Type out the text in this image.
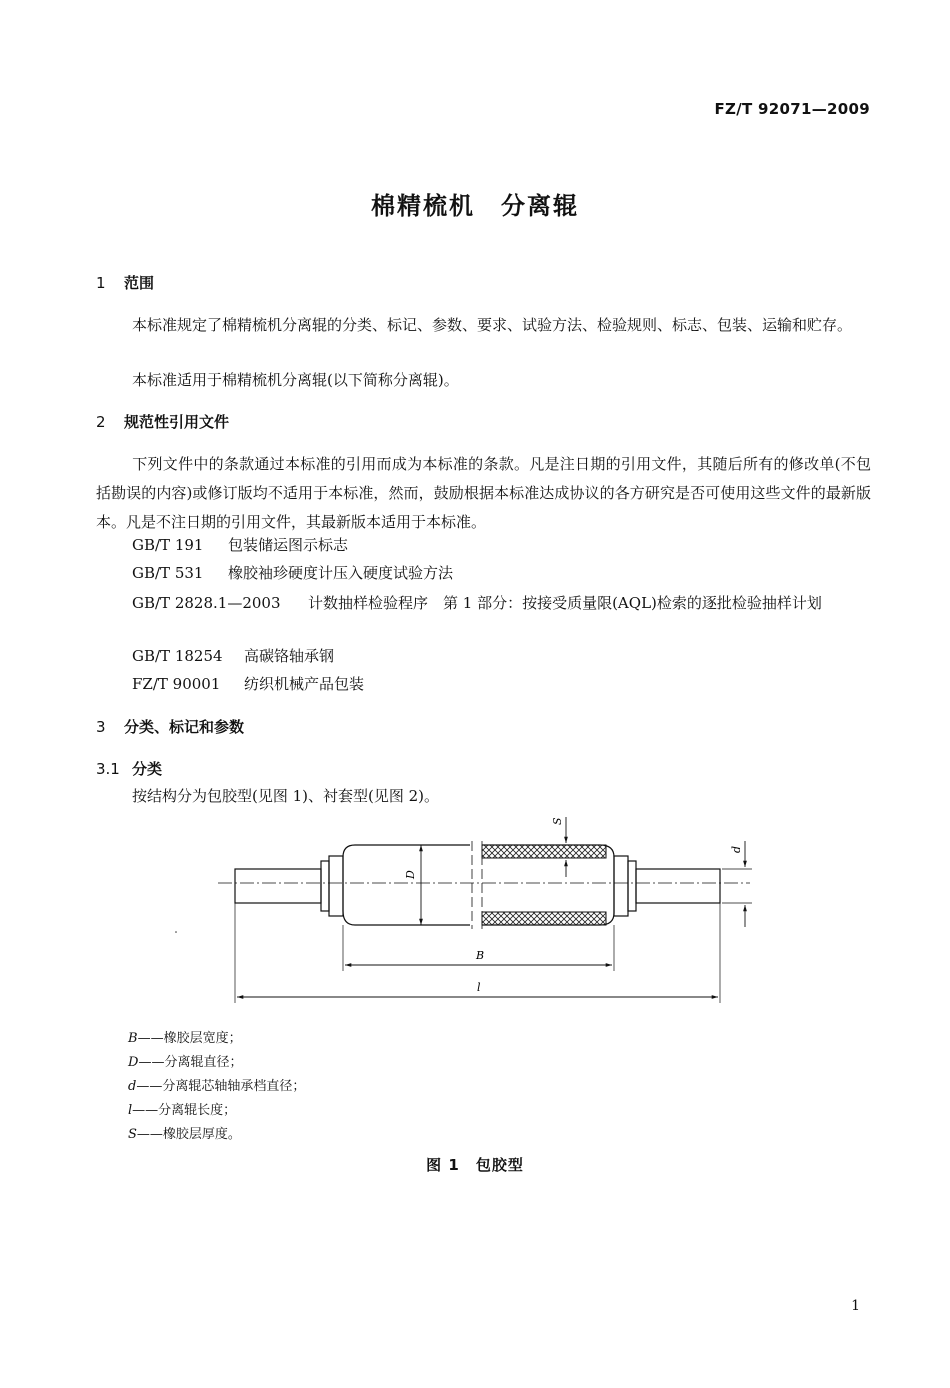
FZ/T 92071—2009
棉精梳机　分离辊
1 范围
本标准规定了棉精梳机分离辊的分类、标记、参数、要求、试验方法、检验规则、标志、包装、运输和贮存。
本标准适用于棉精梳机分离辊(以下简称分离辊)。
2 规范性引用文件
下列文件中的条款通过本标准的引用而成为本标准的条款。凡是注日期的引用文件，其随后所有的修改单(不包括勘误的内容)或修订版均不适用于本标准，然而，鼓励根据本标准达成协议的各方研究是否可使用这些文件的最新版本。凡是不注日期的引用文件，其最新版本适用于本标准。
GB/T 191 包装储运图示标志
GB/T 531 橡胶袖珍硬度计压入硬度试验方法
GB/T 2828.1—2003 计数抽样检验程序　第 1 部分：按接受质量限(AQL)检索的逐批检验抽样计划
GB/T 18254 高碳铬轴承钢
FZ/T 90001 纺织机械产品包装
3 分类、标记和参数
3.1 分类
按结构分为包胶型(见图 1)、衬套型(见图 2)。
D
S
d
B
l
B——橡胶层宽度；
D——分离辊直径；
d——分离辊芯轴轴承档直径；
l——分离辊长度；
S——橡胶层厚度。
图 1　包胶型
1
